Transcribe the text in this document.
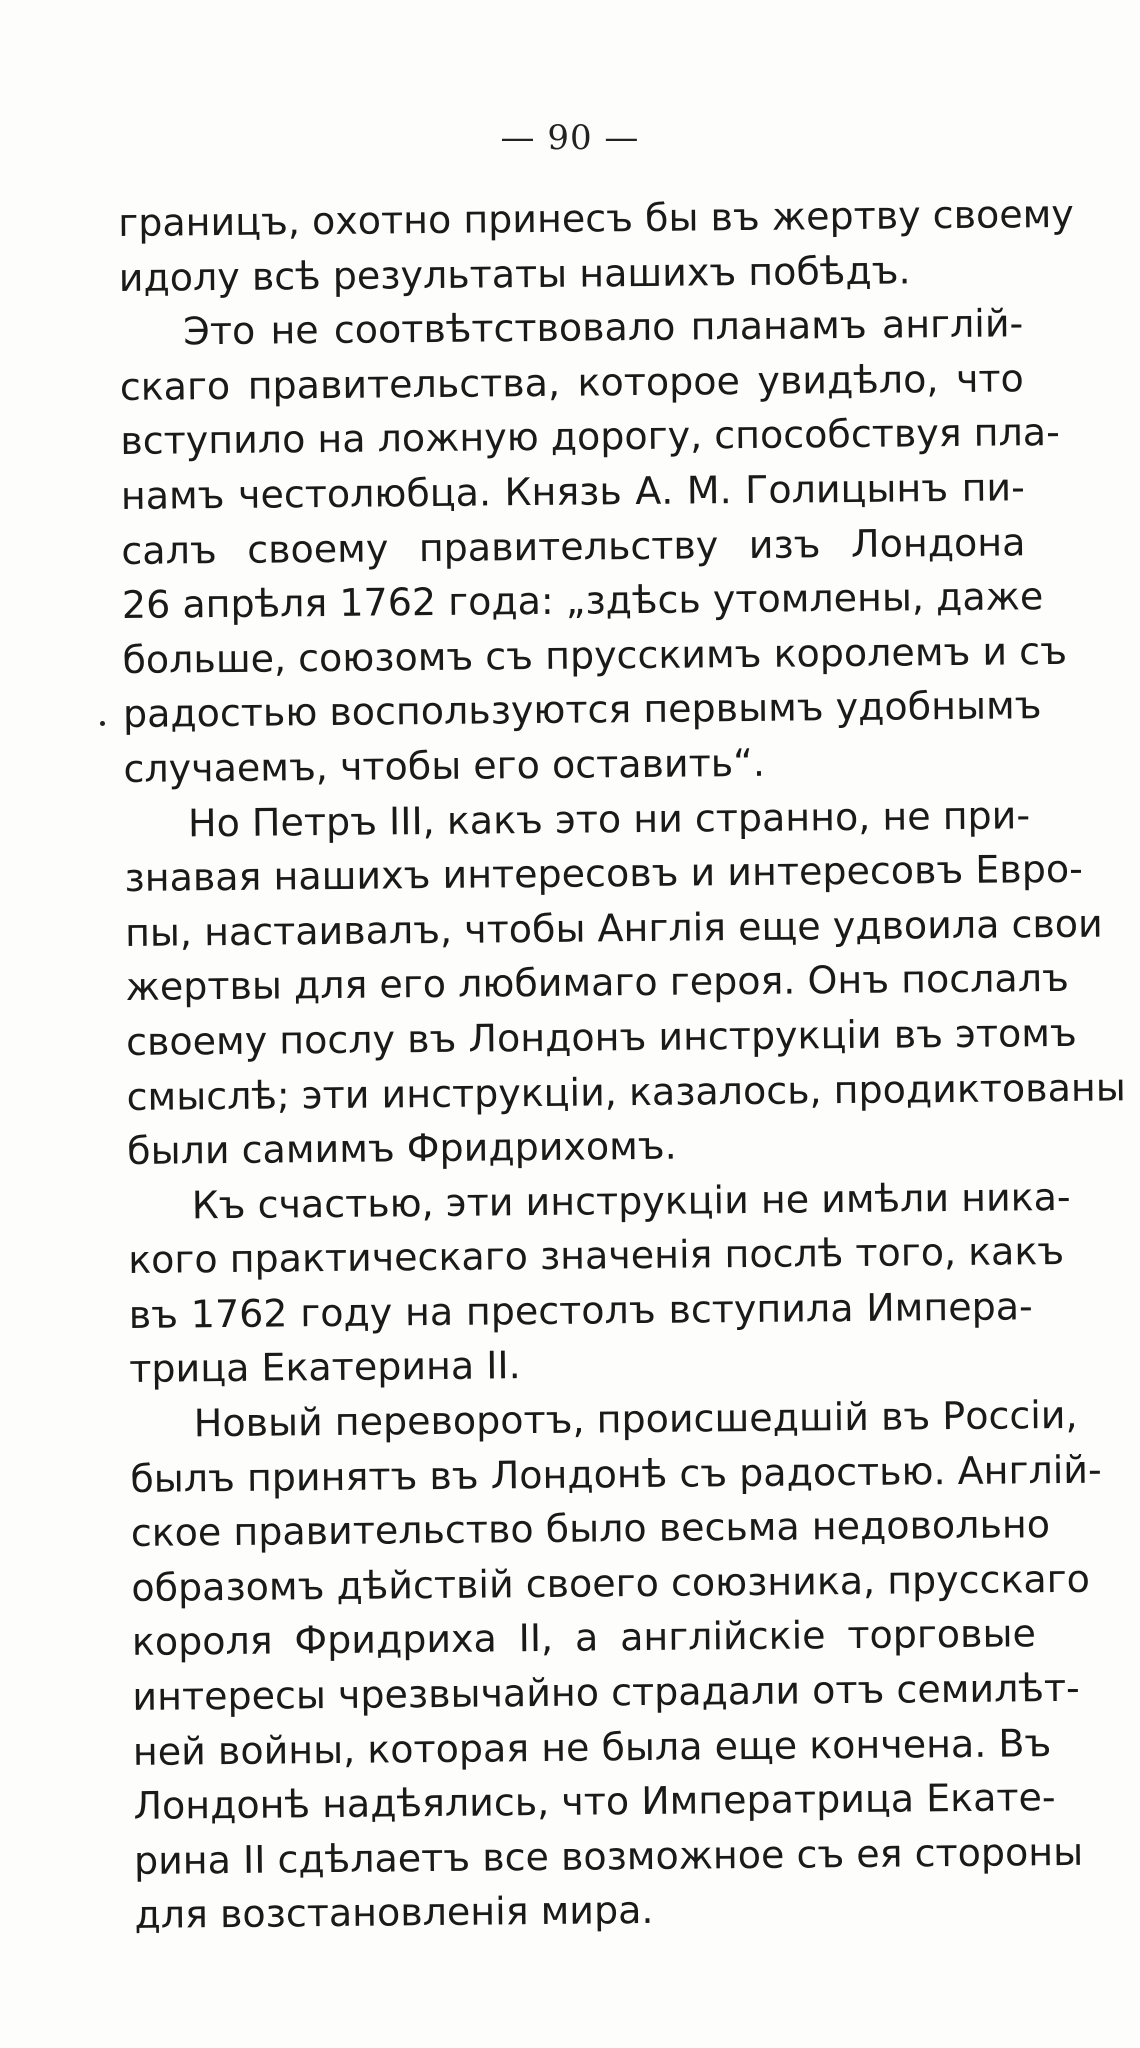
— 90 —
границъ, охотно принесъ бы въ жертву своему
идолу всѣ результаты нашихъ побѣдъ.
Это не соотвѣтствовало планамъ англій-
скаго правительства, которое увидѣло, что
вступило на ложную дорогу, способствуя пла-
намъ честолюбца. Князь А. М. Голицынъ пи-
салъ своему правительству изъ Лондона
26 апрѣля 1762 года: „здѣсь утомлены, даже
больше, союзомъ съ прусскимъ королемъ и съ
радостью воспользуются первымъ удобнымъ
случаемъ, чтобы его оставить“.
Но Петръ III, какъ это ни странно, не при-
знавая нашихъ интересовъ и интересовъ Евро-
пы, настаивалъ, чтобы Англія еще удвоила свои
жертвы для его любимаго героя. Онъ послалъ
своему послу въ Лондонъ инструкціи въ этомъ
смыслѣ; эти инструкціи, казалось, продиктованы
были самимъ Фридрихомъ.
Къ счастью, эти инструкціи не имѣли ника-
кого практическаго значенія послѣ того, какъ
въ 1762 году на престолъ вступила Импера-
трица Екатерина II.
Новый переворотъ, происшедшій въ Россіи,
былъ принятъ въ Лондонѣ съ радостью. Англій-
ское правительство было весьма недовольно
образомъ дѣйствій своего союзника, прусскаго
короля Фридриха II, а англійскіе торговые
интересы чрезвычайно страдали отъ семилѣт-
ней войны, которая не была еще кончена. Въ
Лондонѣ надѣялись, что Императрица Екате-
рина II сдѣлаетъ все возможное съ ея стороны
для возстановленія мира.
